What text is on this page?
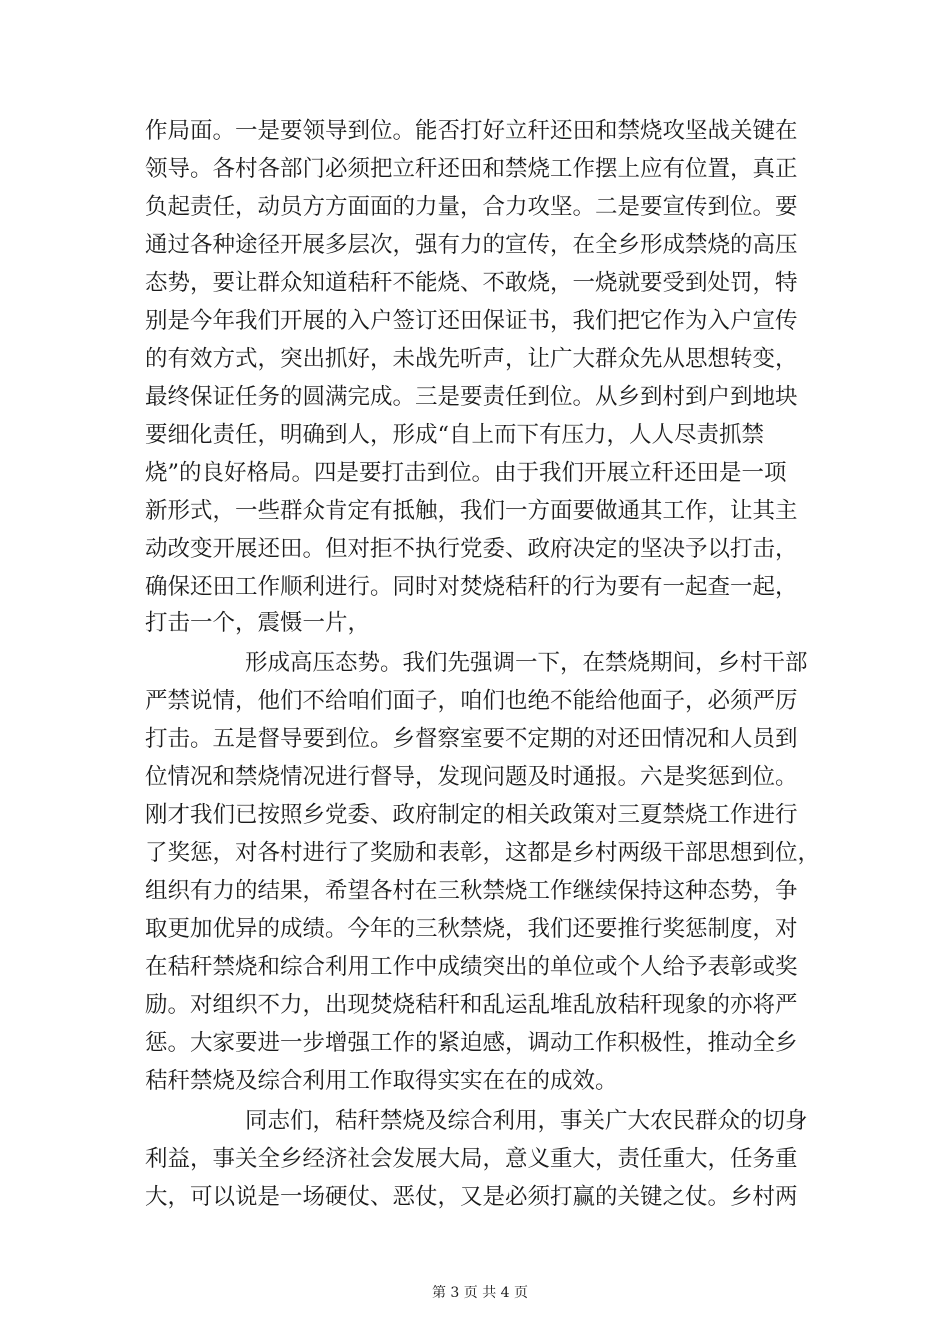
作局面。一是要领导到位。能否打好立秆还田和禁烧攻坚战关键在
领导。各村各部门必须把立秆还田和禁烧工作摆上应有位置，真正
负起责任，动员方方面面的力量，合力攻坚。二是要宣传到位。要
通过各种途径开展多层次，强有力的宣传，在全乡形成禁烧的高压
态势，要让群众知道秸秆不能烧、不敢烧，一烧就要受到处罚，特
别是今年我们开展的入户签订还田保证书，我们把它作为入户宣传
的有效方式，突出抓好，未战先听声，让广大群众先从思想转变，
最终保证任务的圆满完成。三是要责任到位。从乡到村到户到地块
要细化责任，明确到人，形成“自上而下有压力，人人尽责抓禁
烧”的良好格局。四是要打击到位。由于我们开展立秆还田是一项
新形式，一些群众肯定有抵触，我们一方面要做通其工作，让其主
动改变开展还田。但对拒不执行党委、政府决定的坚决予以打击，
确保还田工作顺利进行。同时对焚烧秸秆的行为要有一起查一起，
打击一个，震慑一片，
形成高压态势。我们先强调一下，在禁烧期间，乡村干部
严禁说情，他们不给咱们面子，咱们也绝不能给他面子，必须严厉
打击。五是督导要到位。乡督察室要不定期的对还田情况和人员到
位情况和禁烧情况进行督导，发现问题及时通报。六是奖惩到位。
刚才我们已按照乡党委、政府制定的相关政策对三夏禁烧工作进行
了奖惩，对各村进行了奖励和表彰，这都是乡村两级干部思想到位，
组织有力的结果，希望各村在三秋禁烧工作继续保持这种态势，争
取更加优异的成绩。今年的三秋禁烧，我们还要推行奖惩制度，对
在秸秆禁烧和综合利用工作中成绩突出的单位或个人给予表彰或奖
励。对组织不力，出现焚烧秸秆和乱运乱堆乱放秸秆现象的亦将严
惩。大家要进一步增强工作的紧迫感，调动工作积极性，推动全乡
秸秆禁烧及综合利用工作取得实实在在的成效。
同志们，秸秆禁烧及综合利用，事关广大农民群众的切身
利益，事关全乡经济社会发展大局，意义重大，责任重大，任务重
大，可以说是一场硬仗、恶仗，又是必须打赢的关键之仗。乡村两
第 3 页 共 4 页
